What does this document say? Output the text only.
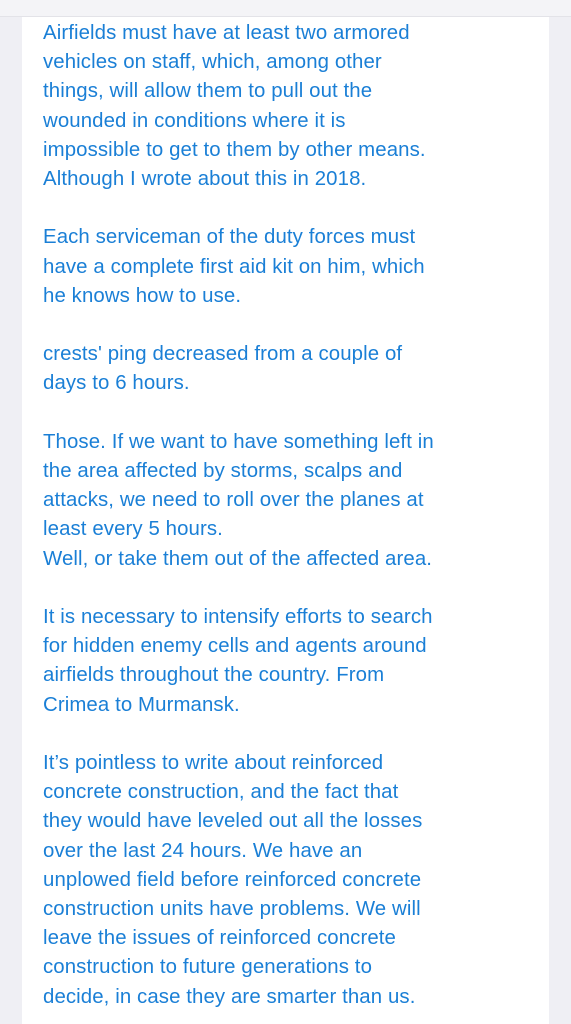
Airfields must have at least two armored
vehicles on staff, which, among other
things, will allow them to pull out the
wounded in conditions where it is
impossible to get to them by other means.
Although I wrote about this in 2018.

Each serviceman of the duty forces must
have a complete first aid kit on him, which
he knows how to use.

crests' ping decreased from a couple of
days to 6 hours.

Those. If we want to have something left in
the area affected by storms, scalps and
attacks, we need to roll over the planes at
least every 5 hours.
Well, or take them out of the affected area.

It is necessary to intensify efforts to search
for hidden enemy cells and agents around
airfields throughout the country. From
Crimea to Murmansk.

It’s pointless to write about reinforced
concrete construction, and the fact that
they would have leveled out all the losses
over the last 24 hours. We have an
unplowed field before reinforced concrete
construction units have problems. We will
leave the issues of reinforced concrete
construction to future generations to
decide, in case they are smarter than us.
